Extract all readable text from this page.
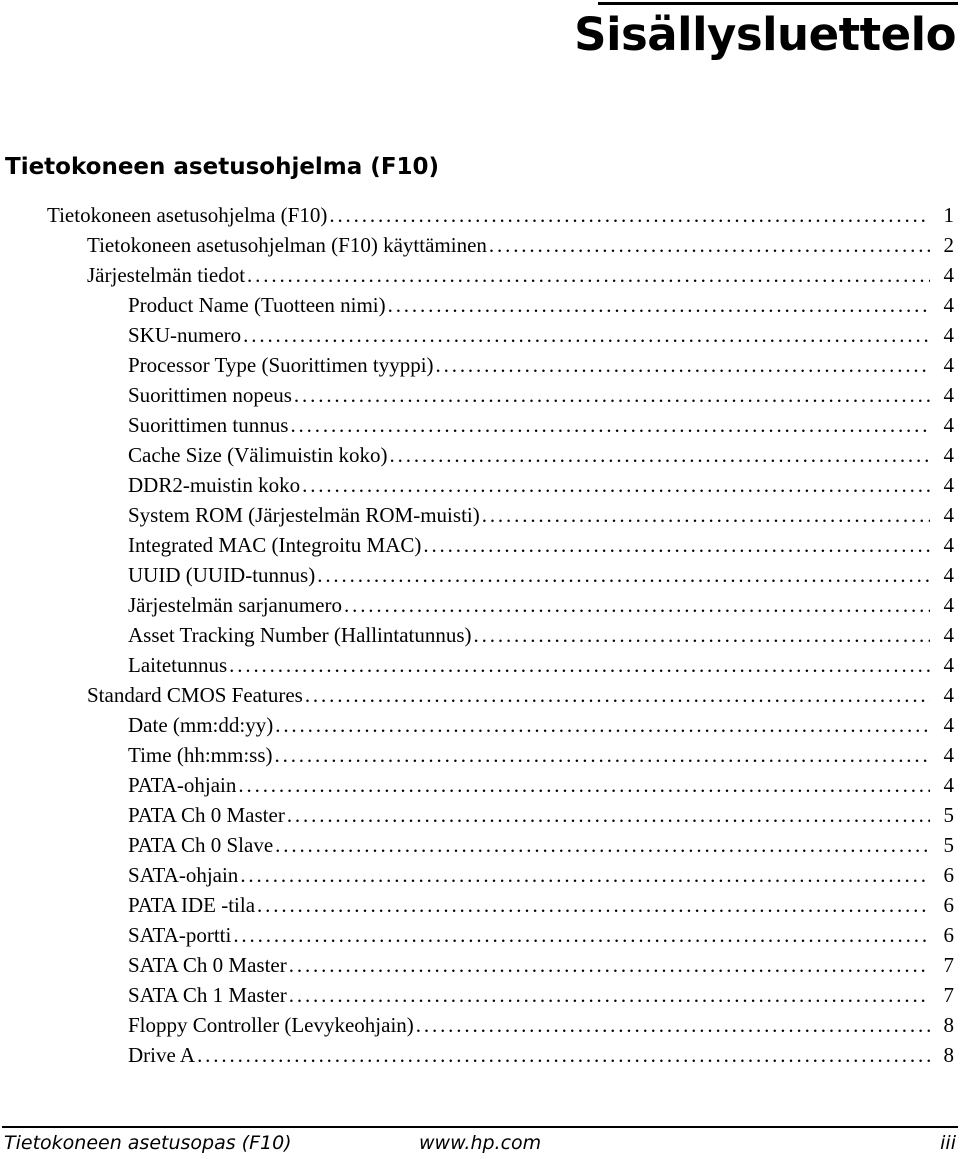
Sisällysluettelo
Tietokoneen asetusohjelma (F10)
Tietokoneen asetusohjelma (F10) . . .	1
Tietokoneen asetusohjelman (F10) käyttäminen . . .	2
Järjestelmän tiedot . . .	4
Product Name (Tuotteen nimi) . . .	4
SKU-numero . . .	4
Processor Type (Suorittimen tyyppi) . . .	4
Suorittimen nopeus . . .	4
Suorittimen tunnus . . .	4
Cache Size (Välimuistin koko) . . .	4
DDR2-muistin koko . . .	4
System ROM (Järjestelmän ROM-muisti) . . .	4
Integrated MAC (Integroitu MAC) . . .	4
UUID (UUID-tunnus) . . .	4
Järjestelmän sarjanumero . . .	4
Asset Tracking Number (Hallintatunnus) . . .	4
Laitetunnus . . .	4
Standard CMOS Features . . .	4
Date (mm:dd:yy) . . .	4
Time (hh:mm:ss) . . .	4
PATA-ohjain . . .	4
PATA Ch 0 Master . . .	5
PATA Ch 0 Slave . . .	5
SATA-ohjain . . .	6
PATA IDE -tila . . .	6
SATA-portti . . .	6
SATA Ch 0 Master . . .	7
SATA Ch 1 Master . . .	7
Floppy Controller (Levykeohjain) . . .	8
Drive A . . .	8
Tietokoneen asetusopas (F10)	www.hp.com	iii
